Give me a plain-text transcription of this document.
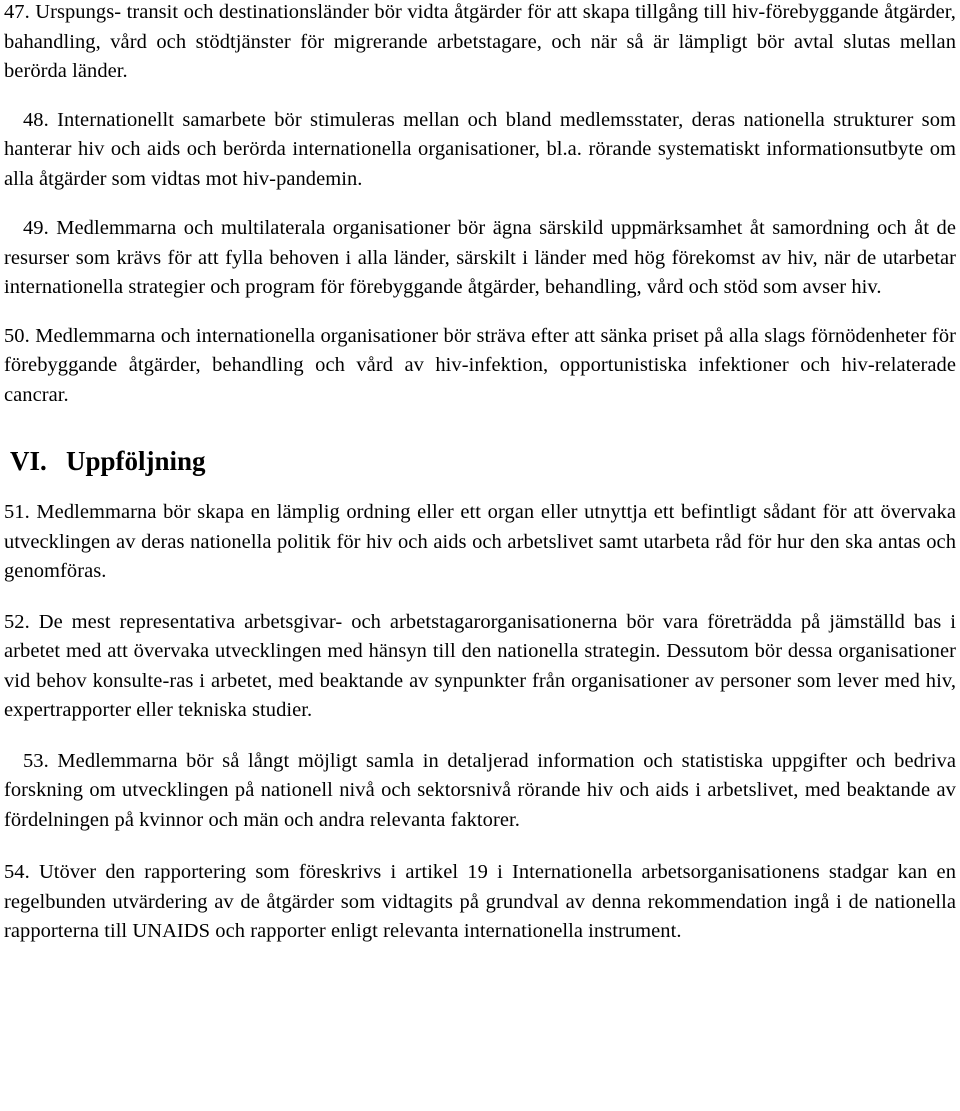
47. Urspungs- transit och destinationsländer bör vidta åtgärder för att skapa tillgång till hiv-förebyggande åtgärder, bahandling, vård och stödtjänster för migrerande arbetstagare, och när så är lämpligt bör avtal slutas mellan berörda länder.

48. Internationellt samarbete bör stimuleras mellan och bland medlemsstater, deras nationella strukturer som hanterar hiv och aids och berörda internationella organisationer, bl.a. rörande systematiskt informationsutbyte om alla åtgärder som vidtas mot hiv-pandemin.

49. Medlemmarna och multilaterala organisationer bör ägna särskild uppmärksamhet åt samordning och åt de resurser som krävs för att fylla behoven i alla länder, särskilt i länder med hög förekomst av hiv, när de utarbetar internationella strategier och program för förebyggande åtgärder, behandling, vård och stöd som avser hiv.

50. Medlemmarna och internationella organisationer bör sträva efter att sänka priset på alla slags förnödenheter för förebyggande åtgärder, behandling och vård av hiv-infektion, opportunistiska infektioner och hiv-relaterade cancrar.

VI. Uppföljning

51. Medlemmarna bör skapa en lämplig ordning eller ett organ eller utnyttja ett befintligt sådant för att övervaka utvecklingen av deras nationella politik för hiv och aids och arbetslivet samt utarbeta råd för hur den ska antas och genomföras.

52. De mest representativa arbetsgivar- och arbetstagarorganisationerna bör vara företrädda på jämställd bas i arbetet med att övervaka utvecklingen med hänsyn till den nationella strategin. Dessutom bör dessa organisationer vid behov konsulte-ras i arbetet, med beaktande av synpunkter från organisationer av personer som lever med hiv, expertrapporter eller tekniska studier.

53. Medlemmarna bör så långt möjligt samla in detaljerad information och statistiska uppgifter och bedriva forskning om utvecklingen på nationell nivå och sektorsnivå rörande hiv och aids i arbetslivet, med beaktande av fördelningen på kvinnor och män och andra relevanta faktorer.

54. Utöver den rapportering som föreskrivs i artikel 19 i Internationella arbetsorganisationens stadgar kan en regelbunden utvärdering av de åtgärder som vidtagits på grundval av denna rekommendation ingå i de nationella rapporterna till UNAIDS och rapporter enligt relevanta internationella instrument.
